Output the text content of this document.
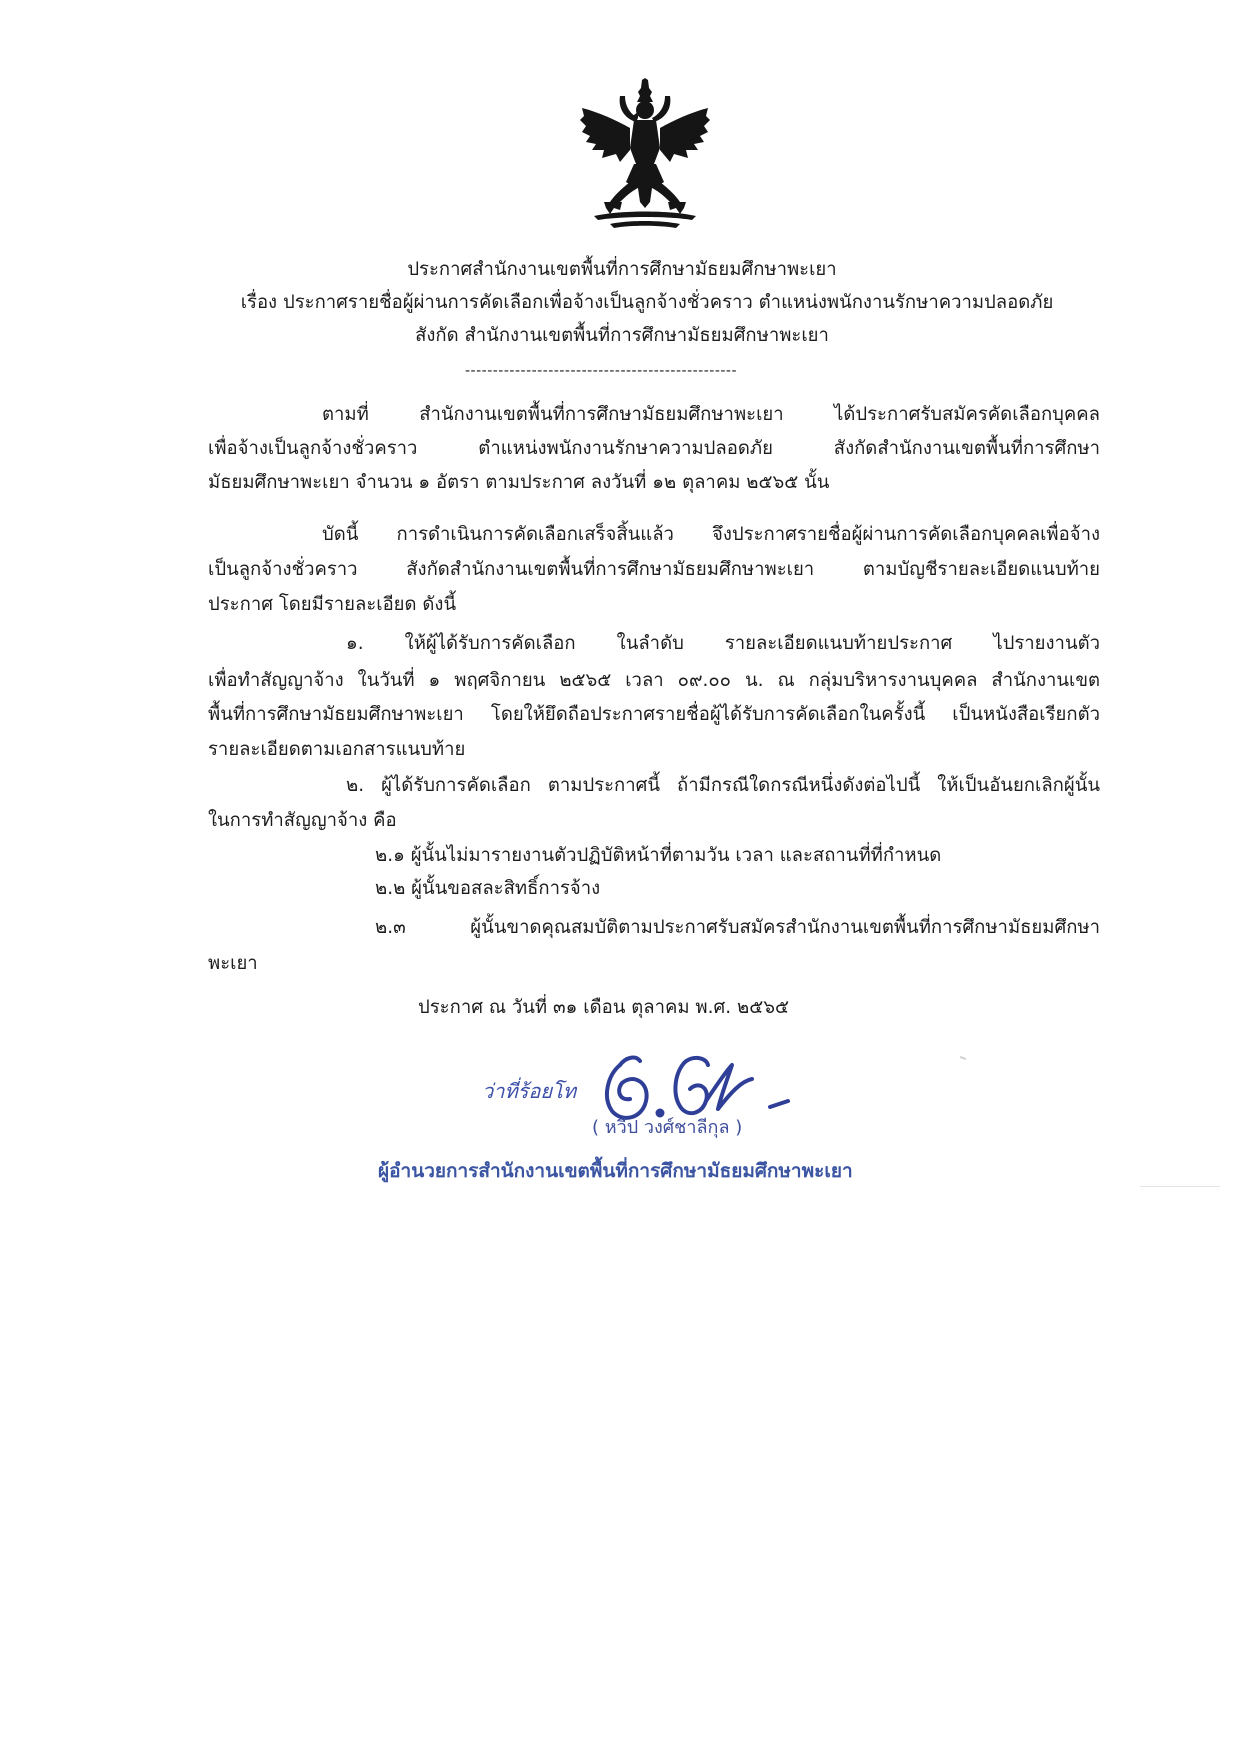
ประกาศสำนักงานเขตพื้นที่การศึกษามัธยมศึกษาพะเยา
เรื่อง ประกาศรายชื่อผู้ผ่านการคัดเลือกเพื่อจ้างเป็นลูกจ้างชั่วคราว ตำแหน่งพนักงานรักษาความปลอดภัย
สังกัด สำนักงานเขตพื้นที่การศึกษามัธยมศึกษาพะเยา
-------------------------------------------------
ตามที่ สำนักงานเขตพื้นที่การศึกษามัธยมศึกษาพะเยา ได้ประกาศรับสมัครคัดเลือกบุคคล
เพื่อจ้างเป็นลูกจ้างชั่วคราว ตำแหน่งพนักงานรักษาความปลอดภัย สังกัดสำนักงานเขตพื้นที่การศึกษา
มัธยมศึกษาพะเยา จำนวน ๑ อัตรา ตามประกาศ ลงวันที่ ๑๒ ตุลาคม ๒๕๖๕ นั้น
บัดนี้ การดำเนินการคัดเลือกเสร็จสิ้นแล้ว จึงประกาศรายชื่อผู้ผ่านการคัดเลือกบุคคลเพื่อจ้าง
เป็นลูกจ้างชั่วคราว สังกัดสำนักงานเขตพื้นที่การศึกษามัธยมศึกษาพะเยา ตามบัญชีรายละเอียดแนบท้าย
ประกาศ โดยมีรายละเอียด ดังนี้
๑. ให้ผู้ได้รับการคัดเลือก ในลำดับ รายละเอียดแนบท้ายประกาศ ไปรายงานตัว
เพื่อทำสัญญาจ้าง ในวันที่ ๑ พฤศจิกายน ๒๕๖๕ เวลา ๐๙.๐๐ น. ณ กลุ่มบริหารงานบุคคล สำนักงานเขต
พื้นที่การศึกษามัธยมศึกษาพะเยา โดยให้ยึดถือประกาศรายชื่อผู้ได้รับการคัดเลือกในครั้งนี้ เป็นหนังสือเรียกตัว
รายละเอียดตามเอกสารแนบท้าย
๒. ผู้ได้รับการคัดเลือก ตามประกาศนี้ ถ้ามีกรณีใดกรณีหนึ่งดังต่อไปนี้ ให้เป็นอันยกเลิกผู้นั้น
ในการทำสัญญาจ้าง คือ
๒.๑ ผู้นั้นไม่มารายงานตัวปฏิบัติหน้าที่ตามวัน เวลา และสถานที่ที่กำหนด
๒.๒ ผู้นั้นขอสละสิทธิ์การจ้าง
๒.๓ ผู้นั้นขาดคุณสมบัติตามประกาศรับสมัครสำนักงานเขตพื้นที่การศึกษามัธยมศึกษา
พะเยา
ประกาศ ณ วันที่ ๓๑ เดือน ตุลาคม พ.ศ. ๒๕๖๕
ว่าที่ร้อยโท
( หวีป วงศ์ชาลีกุล )
ผู้อำนวยการสำนักงานเขตพื้นที่การศึกษามัธยมศึกษาพะเยา
